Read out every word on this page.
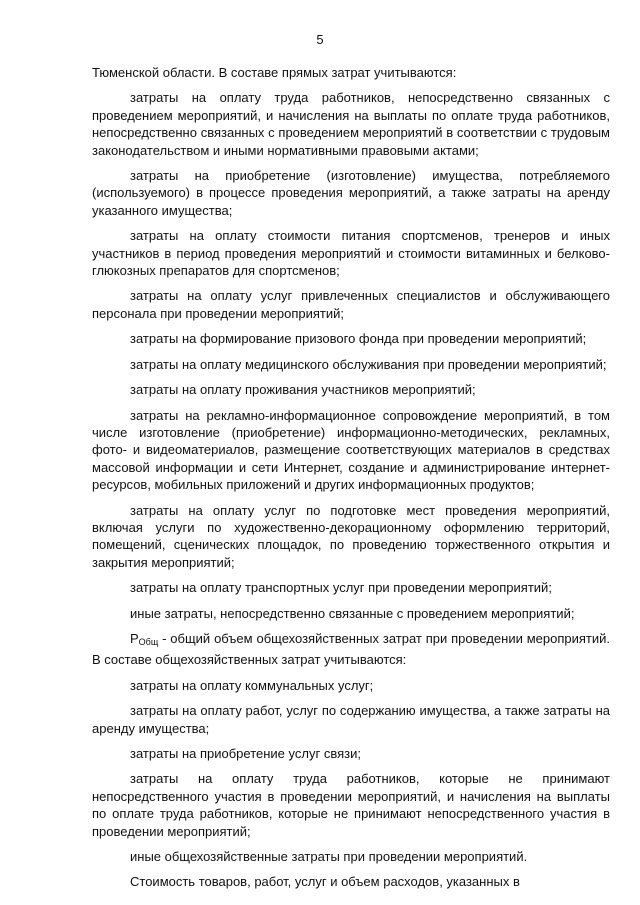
5

Тюменской области. В составе прямых затрат учитываются:

затраты на оплату труда работников, непосредственно связанных с проведением мероприятий, и начисления на выплаты по оплате труда работников, непосредственно связанных с проведением мероприятий в соответствии с трудовым законодательством и иными нормативными правовыми актами;

затраты на приобретение (изготовление) имущества, потребляемого (используемого) в процессе проведения мероприятий, а также затраты на аренду указанного имущества;

затраты на оплату стоимости питания спортсменов, тренеров и иных участников в период проведения мероприятий и стоимости витаминных и белково-глюкозных препаратов для спортсменов;

затраты на оплату услуг привлеченных специалистов и обслуживающего персонала при проведении мероприятий;

затраты на формирование призового фонда при проведении мероприятий;

затраты на оплату медицинского обслуживания при проведении мероприятий;

затраты на оплату проживания участников мероприятий;

затраты на рекламно-информационное сопровождение мероприятий, в том числе изготовление (приобретение) информационно-методических, рекламных, фото- и видеоматериалов, размещение соответствующих материалов в средствах массовой информации и сети Интернет, создание и администрирование интернет-ресурсов, мобильных приложений и других информационных продуктов;

затраты на оплату услуг по подготовке мест проведения мероприятий, включая услуги по художественно-декорационному оформлению территорий, помещений, сценических площадок, по проведению торжественного открытия и закрытия мероприятий;

затраты на оплату транспортных услуг при проведении мероприятий;

иные затраты, непосредственно связанные с проведением мероприятий;

$P_{Общ}$ - общий объем общехозяйственных затрат при проведении мероприятий. В составе общехозяйственных затрат учитываются:

затраты на оплату коммунальных услуг;

затраты на оплату работ, услуг по содержанию имущества, а также затраты на аренду имущества;

затраты на приобретение услуг связи;

затраты на оплату труда работников, которые не принимают непосредственного участия в проведении мероприятий, и начисления на выплаты по оплате труда работников, которые не принимают непосредственного участия в проведении мероприятий;

иные общехозяйственные затраты при проведении мероприятий.

Стоимость товаров, работ, услуг и объем расходов, указанных в
